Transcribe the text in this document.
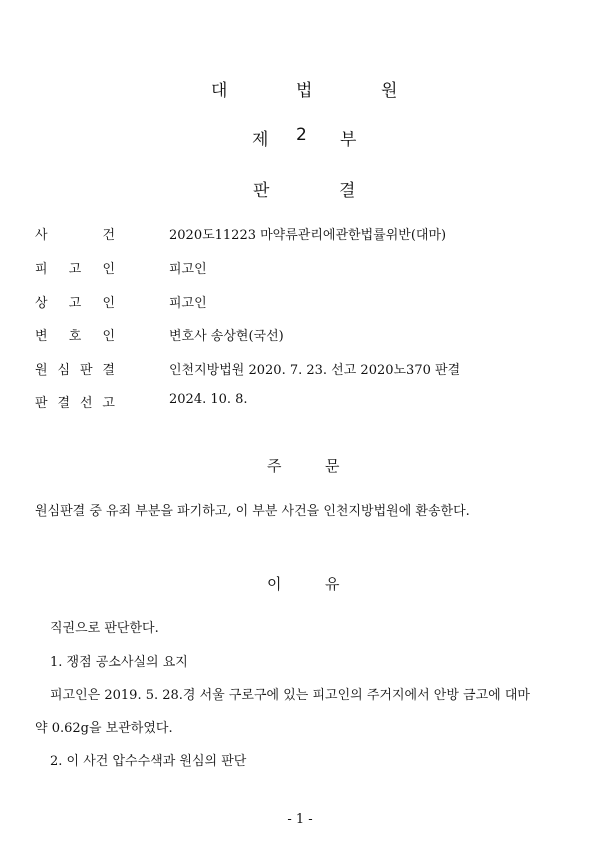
대	법	원
제 2 부
판	결
사	건	2020도11223 마약류관리에관한법률위반(대마)
피 고 인	피고인
상 고 인	피고인
변 호 인	변호사 송상현(국선)
원 심 판 결	인천지방법원 2020. 7. 23. 선고 2020노370 판결
판 결 선 고	2024. 10. 8.
주	문
원심판결 중 유죄 부분을 파기하고, 이 부분 사건을 인천지방법원에 환송한다.
이	유
직권으로 판단한다.
1. 쟁점 공소사실의 요지
피고인은 2019. 5. 28.경 서울 구로구에 있는 피고인의 주거지에서 안방 금고에 대마
약 0.62g을 보관하였다.
2. 이 사건 압수수색과 원심의 판단
- 1 -
